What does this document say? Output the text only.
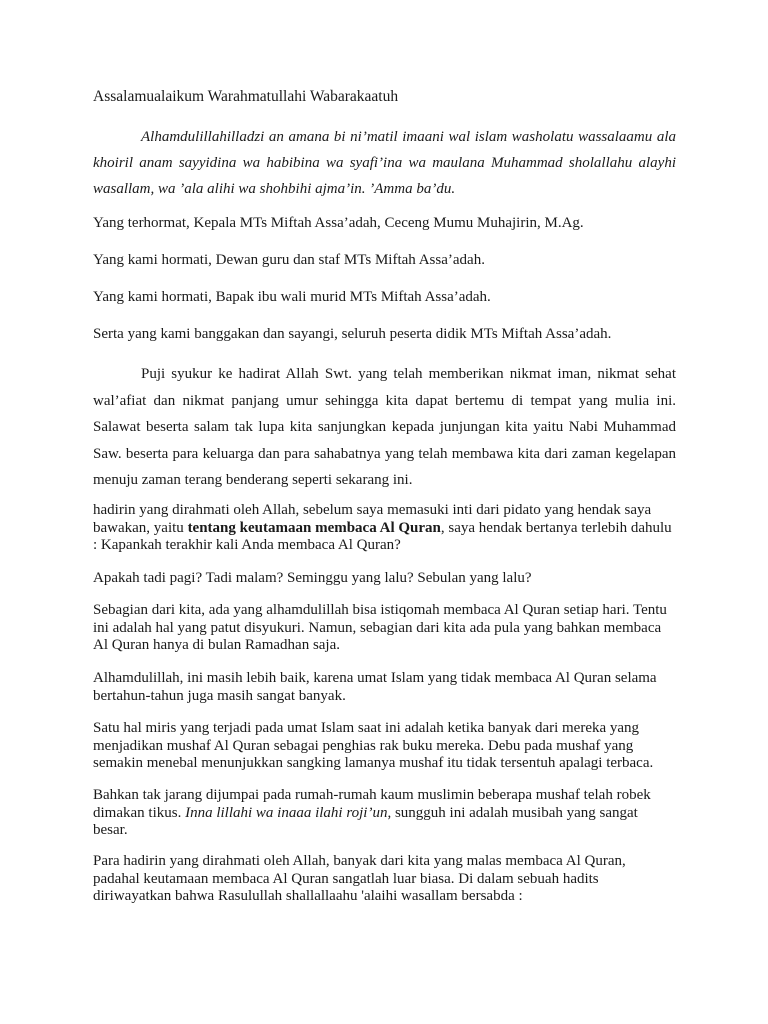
Assalamualaikum Warahmatullahi Wabarakaatuh

Alhamdulillahilladzi an amana bi ni’matil imaani wal islam washolatu wassalaamu ala khoiril anam sayyidina wa habibina wa syafi’ina wa maulana Muhammad sholallahu alayhi wasallam, wa ’ala alihi wa shohbihi ajma’in. ’Amma ba’du.

Yang terhormat, Kepala MTs Miftah Assa’adah, Ceceng Mumu Muhajirin, M.Ag.

Yang kami hormati, Dewan guru dan staf MTs Miftah Assa’adah.

Yang kami hormati, Bapak ibu wali murid MTs Miftah Assa’adah.

Serta yang kami banggakan dan sayangi, seluruh peserta didik MTs Miftah Assa’adah.

Puji syukur ke hadirat Allah Swt. yang telah memberikan nikmat iman, nikmat sehat wal’afiat dan nikmat panjang umur sehingga kita dapat bertemu di tempat yang mulia ini. Salawat beserta salam tak lupa kita sanjungkan kepada junjungan kita yaitu Nabi Muhammad Saw. beserta para keluarga dan para sahabatnya yang telah membawa kita dari zaman kegelapan menuju zaman terang benderang seperti sekarang ini.

hadirin yang dirahmati oleh Allah, sebelum saya memasuki inti dari pidato yang hendak saya bawakan, yaitu tentang keutamaan membaca Al Quran, saya hendak bertanya terlebih dahulu : Kapankah terakhir kali Anda membaca Al Quran?

Apakah tadi pagi? Tadi malam? Seminggu yang lalu? Sebulan yang lalu?

Sebagian dari kita, ada yang alhamdulillah bisa istiqomah membaca Al Quran setiap hari. Tentu ini adalah hal yang patut disyukuri. Namun, sebagian dari kita ada pula yang bahkan membaca Al Quran hanya di bulan Ramadhan saja.

Alhamdulillah, ini masih lebih baik, karena umat Islam yang tidak membaca Al Quran selama bertahun-tahun juga masih sangat banyak.

Satu hal miris yang terjadi pada umat Islam saat ini adalah ketika banyak dari mereka yang menjadikan mushaf Al Quran sebagai penghias rak buku mereka. Debu pada mushaf yang semakin menebal menunjukkan sangking lamanya mushaf itu tidak tersentuh apalagi terbaca.

Bahkan tak jarang dijumpai pada rumah-rumah kaum muslimin beberapa mushaf telah robek dimakan tikus. Inna lillahi wa inaaa ilahi roji’un, sungguh ini adalah musibah yang sangat besar.

Para hadirin yang dirahmati oleh Allah, banyak dari kita yang malas membaca Al Quran, padahal keutamaan membaca Al Quran sangatlah luar biasa. Di dalam sebuah hadits diriwayatkan bahwa Rasulullah shallallaahu 'alaihi wasallam bersabda :
